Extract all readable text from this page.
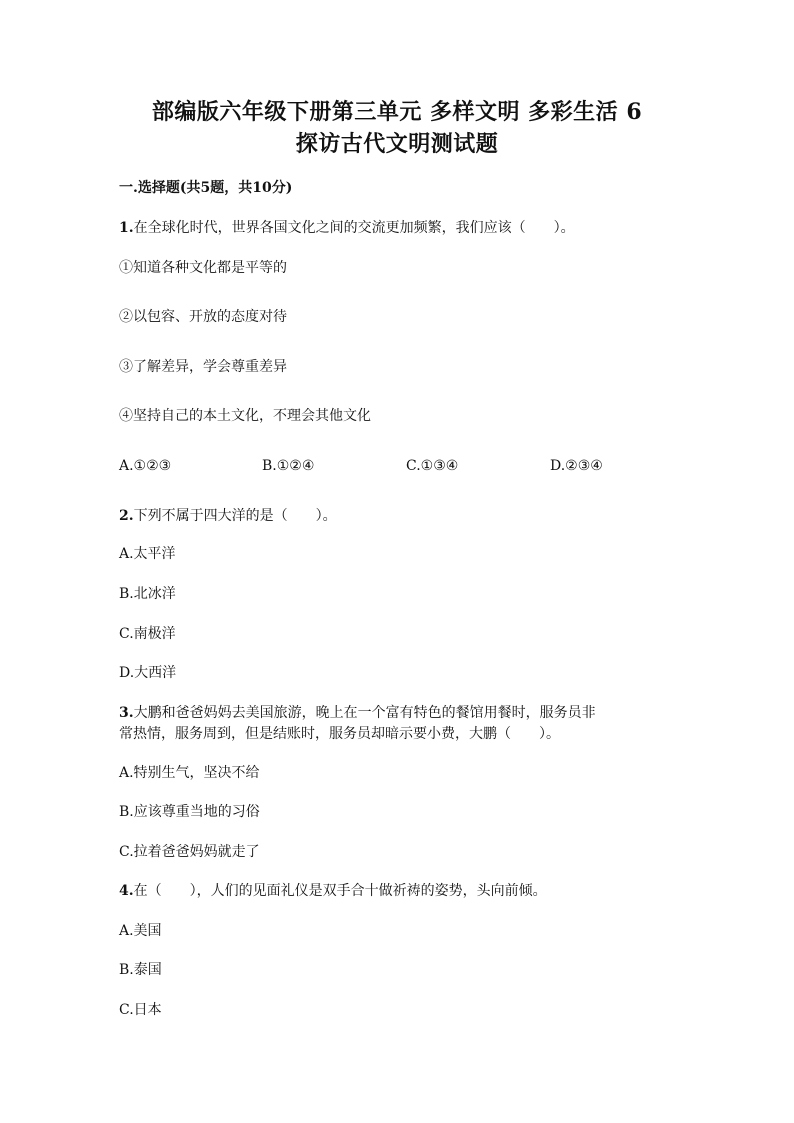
部编版六年级下册第三单元 多样文明 多彩生活 6
探访古代文明测试题
一.选择题(共5题，共10分)
1.在全球化时代，世界各国文化之间的交流更加频繁，我们应该（　　）。
①知道各种文化都是平等的
②以包容、开放的态度对待
③了解差异，学会尊重差异
④坚持自己的本土文化，不理会其他文化
A.①②③	B.①②④	C.①③④	D.②③④
2.下列不属于四大洋的是（　　）。
A.太平洋
B.北冰洋
C.南极洋
D.大西洋
3.大鹏和爸爸妈妈去美国旅游，晚上在一个富有特色的餐馆用餐时，服务员非
常热情，服务周到，但是结账时，服务员却暗示要小费，大鹏（　　）。
A.特别生气，坚决不给
B.应该尊重当地的习俗
C.拉着爸爸妈妈就走了
4.在（　　），人们的见面礼仪是双手合十做祈祷的姿势，头向前倾。
A.美国
B.泰国
C.日本
